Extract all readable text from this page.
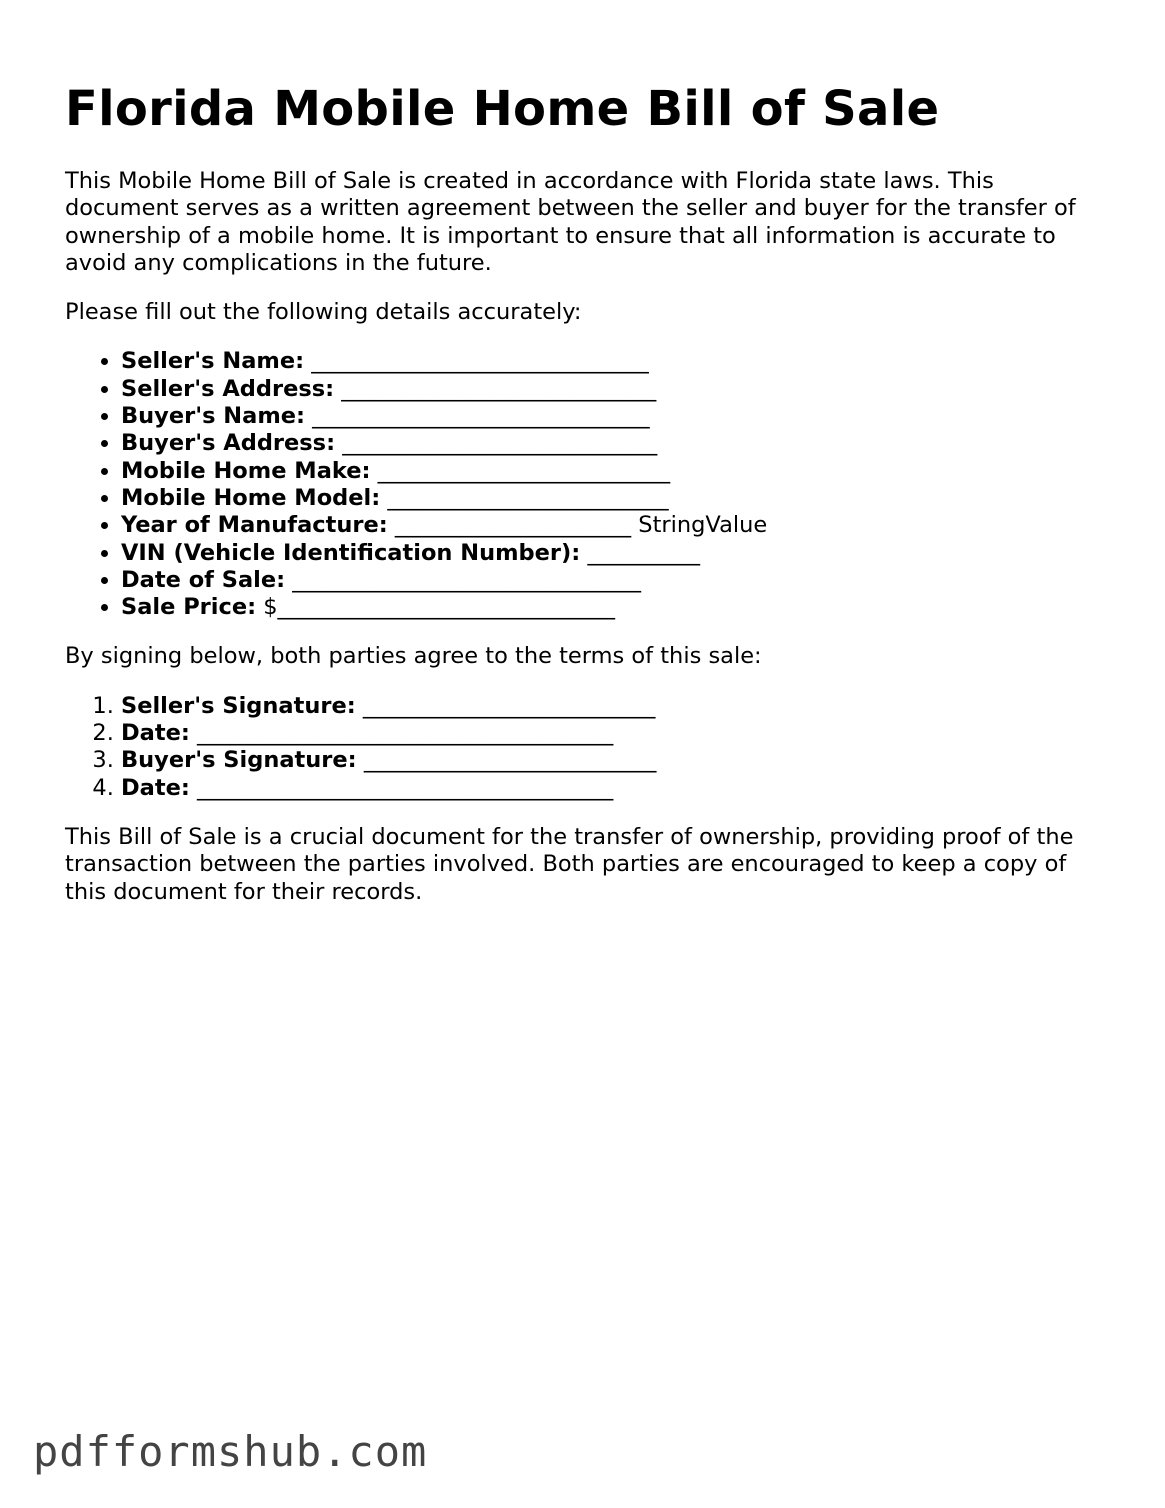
Florida Mobile Home Bill of Sale

This Mobile Home Bill of Sale is created in accordance with Florida state laws. This document serves as a written agreement between the seller and buyer for the transfer of ownership of a mobile home. It is important to ensure that all information is accurate to avoid any complications in the future.

Please fill out the following details accurately:

• Seller's Name: ______________________________
• Seller's Address: ____________________________
• Buyer's Name: ______________________________
• Buyer's Address: ____________________________
• Mobile Home Make: __________________________
• Mobile Home Model: _________________________
• Year of Manufacture: _____________________ StringValue
• VIN (Vehicle Identification Number): __________
• Date of Sale: _______________________________
• Sale Price: $______________________________

By signing below, both parties agree to the terms of this sale:

1. Seller's Signature: __________________________
2. Date: _____________________________________
3. Buyer's Signature: __________________________
4. Date: _____________________________________

This Bill of Sale is a crucial document for the transfer of ownership, providing proof of the transaction between the parties involved. Both parties are encouraged to keep a copy of this document for their records.

pdfformshub.com
